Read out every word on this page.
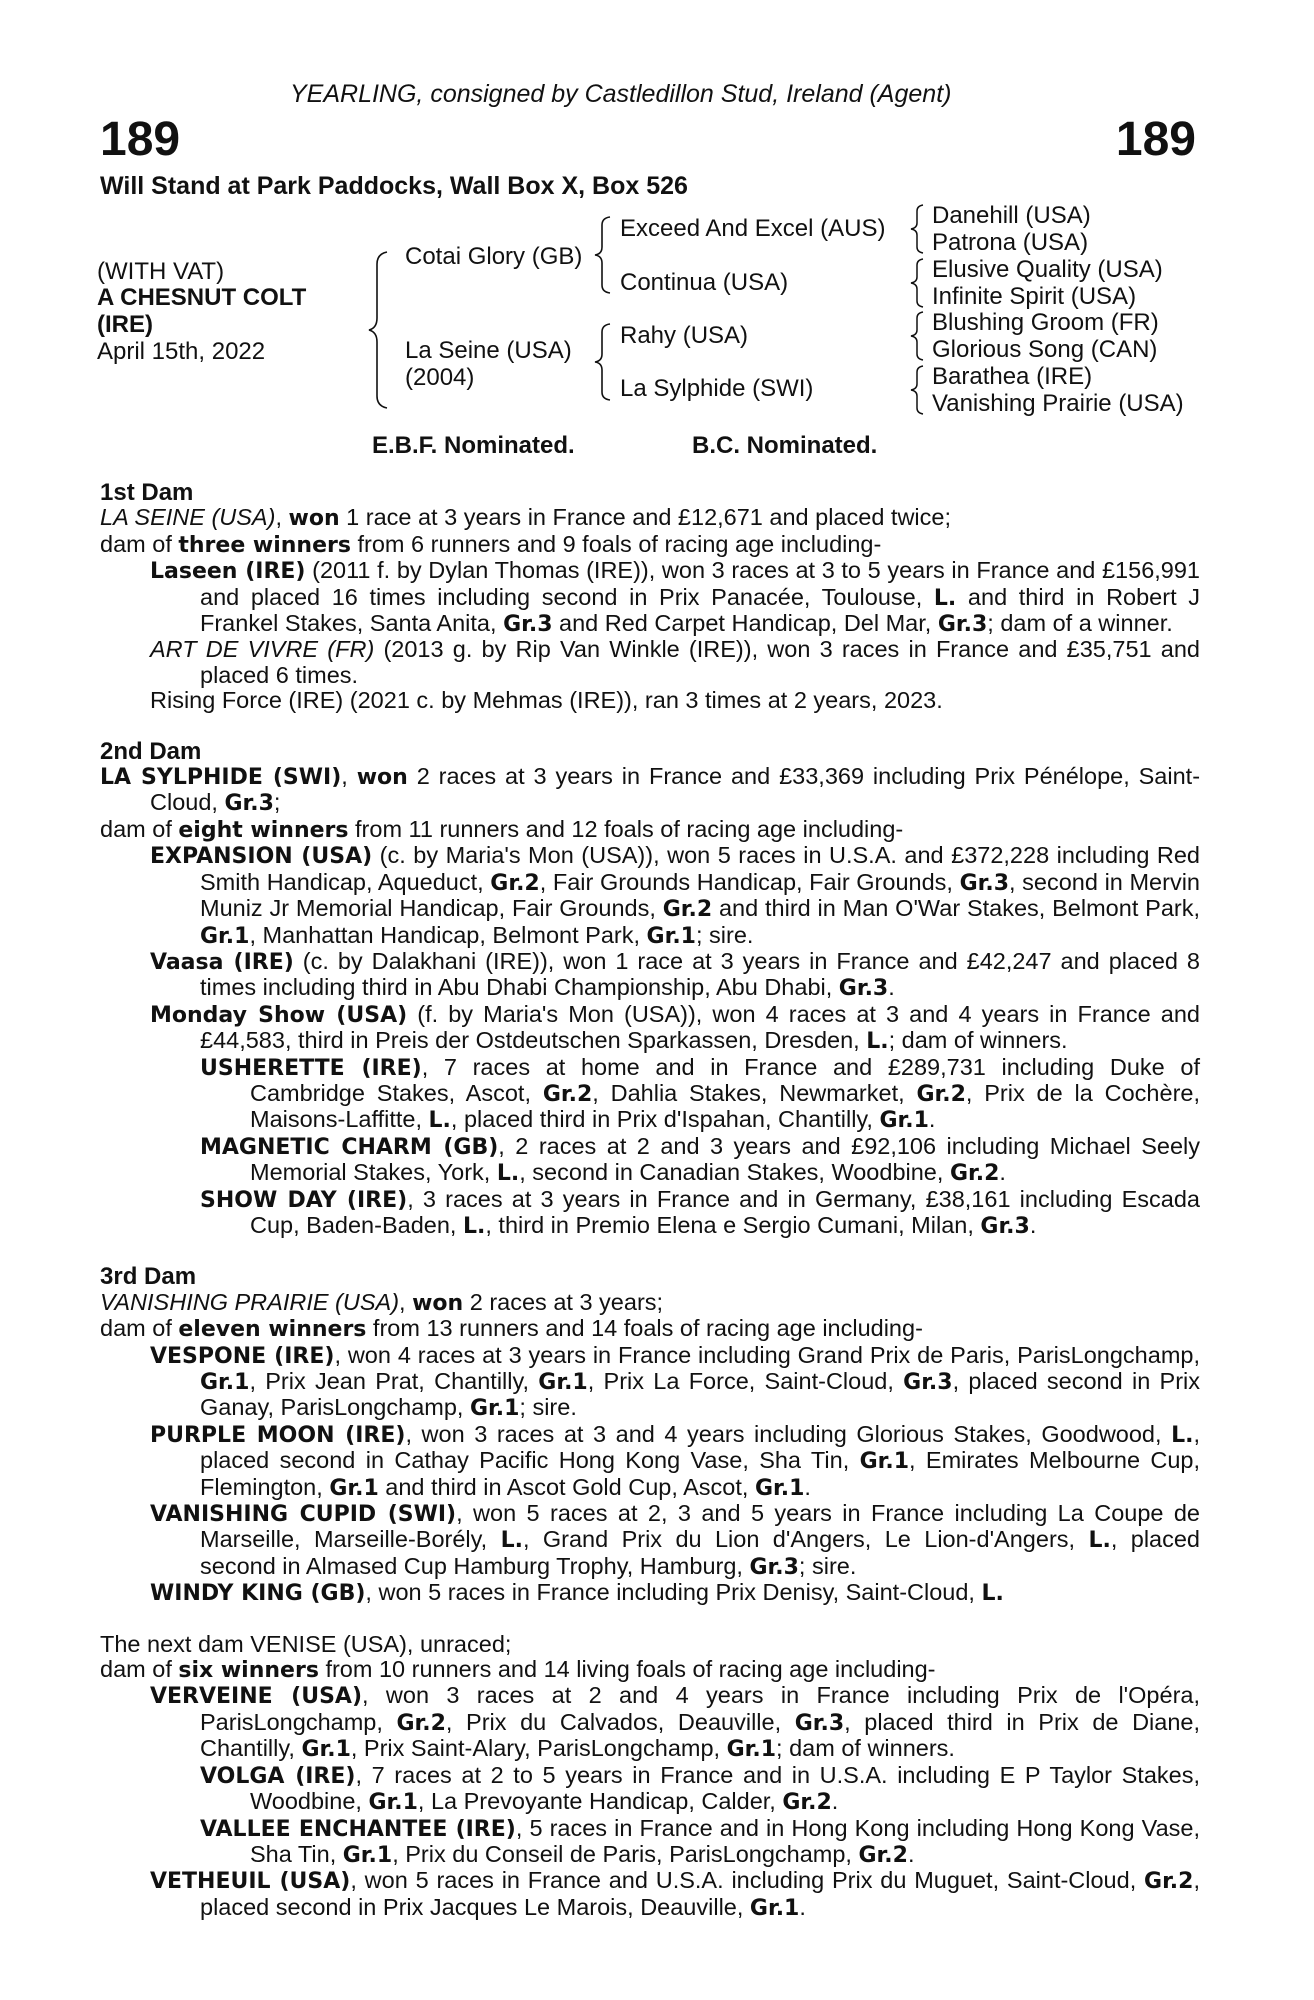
YEARLING, consigned by Castledillon Stud, Ireland (Agent)
189	189
Will Stand at Park Paddocks, Wall Box X, Box 526
(WITH VAT)
A CHESNUT COLT
(IRE)
April 15th, 2022
Cotai Glory (GB)
La Seine (USA)
(2004)
Exceed And Excel (AUS)
Continua (USA)
Rahy (USA)
La Sylphide (SWI)
Danehill (USA)
Patrona (USA)
Elusive Quality (USA)
Infinite Spirit (USA)
Blushing Groom (FR)
Glorious Song (CAN)
Barathea (IRE)
Vanishing Prairie (USA)
E.B.F. Nominated.	B.C. Nominated.
1st Dam
LA SEINE (USA), won 1 race at 3 years in France and £12,671 and placed twice;
dam of three winners from 6 runners and 9 foals of racing age including-
Laseen (IRE) (2011 f. by Dylan Thomas (IRE)), won 3 races at 3 to 5 years in France and £156,991 and placed 16 times including second in Prix Panacée, Toulouse, L. and third in Robert J Frankel Stakes, Santa Anita, Gr.3 and Red Carpet Handicap, Del Mar, Gr.3; dam of a winner.
ART DE VIVRE (FR) (2013 g. by Rip Van Winkle (IRE)), won 3 races in France and £35,751 and placed 6 times.
Rising Force (IRE) (2021 c. by Mehmas (IRE)), ran 3 times at 2 years, 2023.
2nd Dam
LA SYLPHIDE (SWI), won 2 races at 3 years in France and £33,369 including Prix Pénélope, Saint-Cloud, Gr.3;
dam of eight winners from 11 runners and 12 foals of racing age including-
EXPANSION (USA) (c. by Maria's Mon (USA)), won 5 races in U.S.A. and £372,228 including Red Smith Handicap, Aqueduct, Gr.2, Fair Grounds Handicap, Fair Grounds, Gr.3, second in Mervin Muniz Jr Memorial Handicap, Fair Grounds, Gr.2 and third in Man O'War Stakes, Belmont Park, Gr.1, Manhattan Handicap, Belmont Park, Gr.1; sire.
Vaasa (IRE) (c. by Dalakhani (IRE)), won 1 race at 3 years in France and £42,247 and placed 8 times including third in Abu Dhabi Championship, Abu Dhabi, Gr.3.
Monday Show (USA) (f. by Maria's Mon (USA)), won 4 races at 3 and 4 years in France and £44,583, third in Preis der Ostdeutschen Sparkassen, Dresden, L.; dam of winners.
USHERETTE (IRE), 7 races at home and in France and £289,731 including Duke of Cambridge Stakes, Ascot, Gr.2, Dahlia Stakes, Newmarket, Gr.2, Prix de la Cochère, Maisons-Laffitte, L., placed third in Prix d'Ispahan, Chantilly, Gr.1.
MAGNETIC CHARM (GB), 2 races at 2 and 3 years and £92,106 including Michael Seely Memorial Stakes, York, L., second in Canadian Stakes, Woodbine, Gr.2.
SHOW DAY (IRE), 3 races at 3 years in France and in Germany, £38,161 including Escada Cup, Baden-Baden, L., third in Premio Elena e Sergio Cumani, Milan, Gr.3.
3rd Dam
VANISHING PRAIRIE (USA), won 2 races at 3 years;
dam of eleven winners from 13 runners and 14 foals of racing age including-
VESPONE (IRE), won 4 races at 3 years in France including Grand Prix de Paris, ParisLongchamp, Gr.1, Prix Jean Prat, Chantilly, Gr.1, Prix La Force, Saint-Cloud, Gr.3, placed second in Prix Ganay, ParisLongchamp, Gr.1; sire.
PURPLE MOON (IRE), won 3 races at 3 and 4 years including Glorious Stakes, Goodwood, L., placed second in Cathay Pacific Hong Kong Vase, Sha Tin, Gr.1, Emirates Melbourne Cup, Flemington, Gr.1 and third in Ascot Gold Cup, Ascot, Gr.1.
VANISHING CUPID (SWI), won 5 races at 2, 3 and 5 years in France including La Coupe de Marseille, Marseille-Borély, L., Grand Prix du Lion d'Angers, Le Lion-d'Angers, L., placed second in Almased Cup Hamburg Trophy, Hamburg, Gr.3; sire.
WINDY KING (GB), won 5 races in France including Prix Denisy, Saint-Cloud, L.
The next dam VENISE (USA), unraced;
dam of six winners from 10 runners and 14 living foals of racing age including-
VERVEINE (USA), won 3 races at 2 and 4 years in France including Prix de l'Opéra, ParisLongchamp, Gr.2, Prix du Calvados, Deauville, Gr.3, placed third in Prix de Diane, Chantilly, Gr.1, Prix Saint-Alary, ParisLongchamp, Gr.1; dam of winners.
VOLGA (IRE), 7 races at 2 to 5 years in France and in U.S.A. including E P Taylor Stakes, Woodbine, Gr.1, La Prevoyante Handicap, Calder, Gr.2.
VALLEE ENCHANTEE (IRE), 5 races in France and in Hong Kong including Hong Kong Vase, Sha Tin, Gr.1, Prix du Conseil de Paris, ParisLongchamp, Gr.2.
VETHEUIL (USA), won 5 races in France and U.S.A. including Prix du Muguet, Saint-Cloud, Gr.2, placed second in Prix Jacques Le Marois, Deauville, Gr.1.
